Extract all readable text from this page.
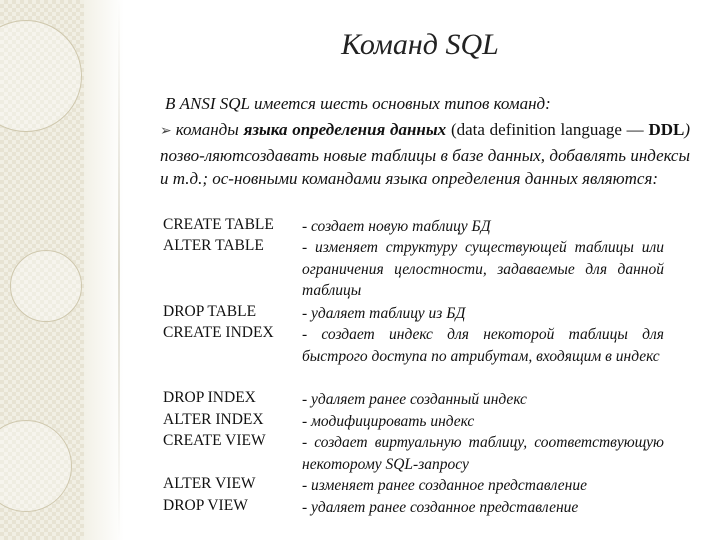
Команд SQL
В ANSI SQL имеется шесть основных типов команд:
➢ команды языка определения данных (data definition language — DDL) позво-ляютсоздавать новые таблицы в базе данных, добавлять индексы и т.д.; ос-новными командами языка определения данных являются:
CREATE TABLE - создает новую таблицу БД
ALTER TABLE - изменяет структуру существующей таблицы или ограничения целостности, задаваемые для данной таблицы
DROP TABLE	- удаляет таблицу из БД
CREATE INDEX - создает индекс для некоторой таблицы для быстрого доступа по атрибутам, входящим в индекс
DROP INDEX	- удаляет ранее созданный индекс
ALTER INDEX - модифицировать индекс
CREATE VIEW - создает виртуальную таблицу, соответствующую некоторому SQL-запросу
ALTER VIEW	- изменяет ранее созданное представление
DROP VIEW	- удаляет ранее созданное представление
